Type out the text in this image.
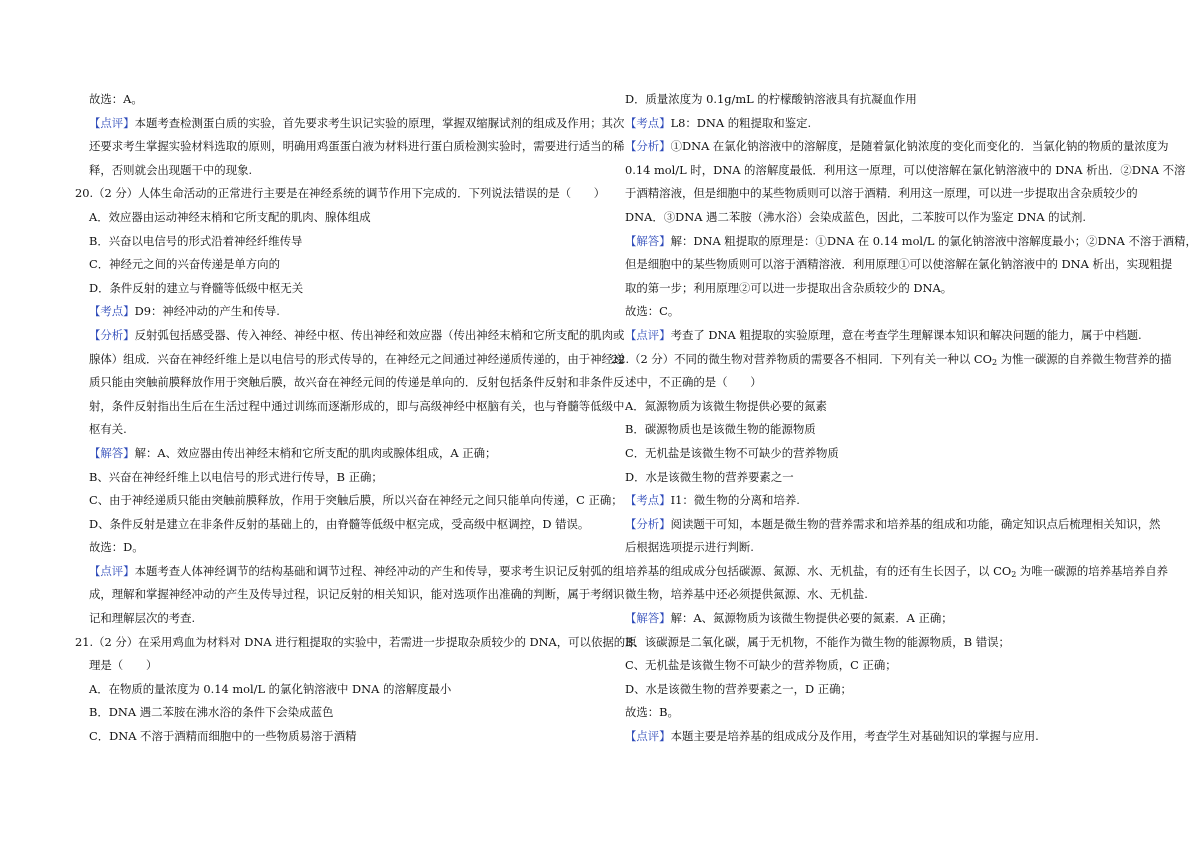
故选：A。
【点评】本题考查检测蛋白质的实验，首先要求考生识记实验的原理，掌握双缩脲试剂的组成及作用；其次
还要求考生掌握实验材料选取的原则，明确用鸡蛋蛋白液为材料进行蛋白质检测实验时，需要进行适当的稀
释，否则就会出现题干中的现象.
20.（2 分）人体生命活动的正常进行主要是在神经系统的调节作用下完成的．下列说法错误的是（　　）
A．效应器由运动神经末梢和它所支配的肌肉、腺体组成
B．兴奋以电信号的形式沿着神经纤维传导
C．神经元之间的兴奋传递是单方向的
D．条件反射的建立与脊髓等低级中枢无关
【考点】D9：神经冲动的产生和传导.
【分析】反射弧包括感受器、传入神经、神经中枢、传出神经和效应器（传出神经末梢和它所支配的肌肉或
腺体）组成．兴奋在神经纤维上是以电信号的形式传导的，在神经元之间通过神经递质传递的，由于神经递
质只能由突触前膜释放作用于突触后膜，故兴奋在神经元间的传递是单向的．反射包括条件反射和非条件反
射，条件反射指出生后在生活过程中通过训练而逐渐形成的，即与高级神经中枢脑有关，也与脊髓等低级中
枢有关.
【解答】解：A、效应器由传出神经末梢和它所支配的肌肉或腺体组成，A 正确；
B、兴奋在神经纤维上以电信号的形式进行传导，B 正确；
C、由于神经递质只能由突触前膜释放，作用于突触后膜，所以兴奋在神经元之间只能单向传递，C 正确；
D、条件反射是建立在非条件反射的基础上的，由脊髓等低级中枢完成，受高级中枢调控，D 错误。
故选：D。
【点评】本题考查人体神经调节的结构基础和调节过程、神经冲动的产生和传导，要求考生识记反射弧的组
成，理解和掌握神经冲动的产生及传导过程，识记反射的相关知识，能对选项作出准确的判断，属于考纲识
记和理解层次的考查.
21.（2 分）在采用鸡血为材料对 DNA 进行粗提取的实验中，若需进一步提取杂质较少的 DNA，可以依据的原
理是（　　）
A．在物质的量浓度为 0.14 mol/L 的氯化钠溶液中 DNA 的溶解度最小
B．DNA 遇二苯胺在沸水浴的条件下会染成蓝色
C．DNA 不溶于酒精而细胞中的一些物质易溶于酒精
D．质量浓度为 0.1g/mL 的柠檬酸钠溶液具有抗凝血作用
【考点】L8：DNA 的粗提取和鉴定.
【分析】①DNA 在氯化钠溶液中的溶解度，是随着氯化钠浓度的变化而变化的．当氯化钠的物质的量浓度为
0.14 mol/L 时，DNA 的溶解度最低．利用这一原理，可以使溶解在氯化钠溶液中的 DNA 析出．②DNA 不溶
于酒精溶液，但是细胞中的某些物质则可以溶于酒精．利用这一原理，可以进一步提取出含杂质较少的
DNA．③DNA 遇二苯胺（沸水浴）会染成蓝色，因此，二苯胺可以作为鉴定 DNA 的试剂.
【解答】解：DNA 粗提取的原理是：①DNA 在 0.14 mol/L 的氯化钠溶液中溶解度最小；②DNA 不溶于酒精，
但是细胞中的某些物质则可以溶于酒精溶液．利用原理①可以使溶解在氯化钠溶液中的 DNA 析出，实现粗提
取的第一步；利用原理②可以进一步提取出含杂质较少的 DNA。
故选：C。
【点评】考查了 DNA 粗提取的实验原理，意在考查学生理解课本知识和解决问题的能力，属于中档题.
22.（2 分）不同的微生物对营养物质的需要各不相同．下列有关一种以 $CO_2$ 为惟一碳源的自养微生物营养的描
述中，不正确的是（　　）
A．氮源物质为该微生物提供必要的氮素
B．碳源物质也是该微生物的能源物质
C．无机盐是该微生物不可缺少的营养物质
D．水是该微生物的营养要素之一
【考点】I1：微生物的分离和培养.
【分析】阅读题干可知，本题是微生物的营养需求和培养基的组成和功能，确定知识点后梳理相关知识，然
后根据选项提示进行判断.
培养基的组成成分包括碳源、氮源、水、无机盐，有的还有生长因子，以 $CO_2$ 为唯一碳源的培养基培养自养
微生物，培养基中还必须提供氮源、水、无机盐.
【解答】解：A、氮源物质为该微生物提供必要的氮素．A 正确；
B、该碳源是二氧化碳，属于无机物，不能作为微生物的能源物质，B 错误；
C、无机盐是该微生物不可缺少的营养物质，C 正确；
D、水是该微生物的营养要素之一，D 正确；
故选：B。
【点评】本题主要是培养基的组成成分及作用，考查学生对基础知识的掌握与应用.
